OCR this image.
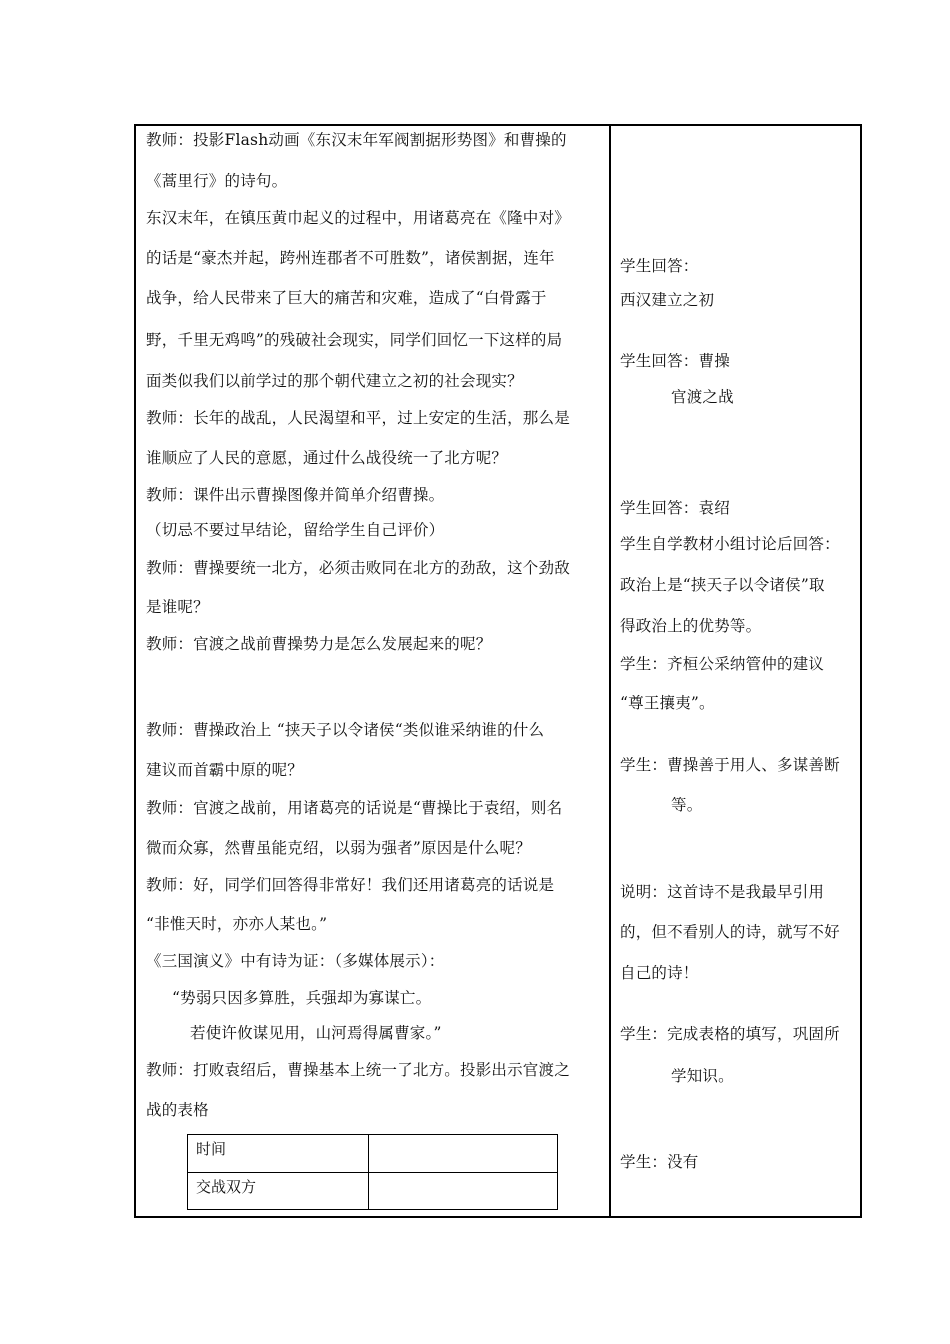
教师：投影Flash动画《东汉末年军阀割据形势图》和曹操的
《蒿里行》的诗句。
东汉末年，在镇压黄巾起义的过程中，用诸葛亮在《隆中对》
的话是“豪杰并起，跨州连郡者不可胜数”，诸侯割据，连年
战争，给人民带来了巨大的痛苦和灾难，造成了“白骨露于
野，千里无鸡鸣”的残破社会现实，同学们回忆一下这样的局
面类似我们以前学过的那个朝代建立之初的社会现实？
教师：长年的战乱，人民渴望和平，过上安定的生活，那么是
谁顺应了人民的意愿，通过什么战役统一了北方呢？
教师：课件出示曹操图像并简单介绍曹操。
（切忌不要过早结论，留给学生自己评价）
教师：曹操要统一北方，必须击败同在北方的劲敌，这个劲敌
是谁呢？
教师：官渡之战前曹操势力是怎么发展起来的呢？
教师：曹操政治上 “挟天子以令诸侯“类似谁采纳谁的什么
建议而首霸中原的呢？
教师：官渡之战前，用诸葛亮的话说是“曹操比于袁绍，则名
微而众寡，然曹虽能克绍，以弱为强者”原因是什么呢？
教师：好，同学们回答得非常好！我们还用诸葛亮的话说是
“非惟天时，亦亦人某也。”
《三国演义》中有诗为证：（多媒体展示）：
“势弱只因多算胜，兵强却为寡谋亡。
若使许攸谋见用，山河焉得属曹家。”
教师：打败袁绍后，曹操基本上统一了北方。投影出示官渡之
战的表格
时间
交战双方
学生回答：
西汉建立之初
学生回答：曹操
官渡之战
学生回答：袁绍
学生自学教材小组讨论后回答：
政治上是“挟天子以令诸侯”取
得政治上的优势等。
学生：齐桓公采纳管仲的建议
“尊王攘夷”。
学生：曹操善于用人、多谋善断
等。
说明：这首诗不是我最早引用
的，但不看别人的诗，就写不好
自己的诗！
学生：完成表格的填写，巩固所
学知识。
学生：没有
